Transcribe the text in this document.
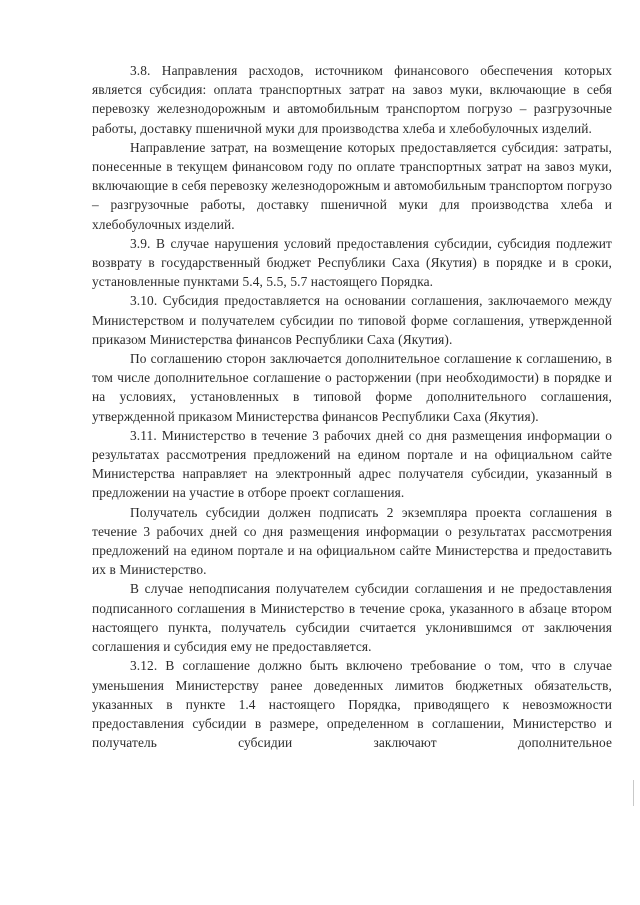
3.8. Направления расходов, источником финансового обеспечения которых является субсидия: оплата транспортных затрат на завоз муки, включающие в себя перевозку железнодорожным и автомобильным транспортом погрузо – разгрузочные работы, доставку пшеничной муки для производства хлеба и хлебобулочных изделий.

Направление затрат, на возмещение которых предоставляется субсидия: затраты, понесенные в текущем финансовом году по оплате транспортных затрат на завоз муки, включающие в себя перевозку железнодорожным и автомобильным транспортом погрузо – разгрузочные работы, доставку пшеничной муки для производства хлеба и хлебобулочных изделий.

3.9. В случае нарушения условий предоставления субсидии, субсидия подлежит возврату в государственный бюджет Республики Саха (Якутия) в порядке и в сроки, установленные пунктами 5.4, 5.5, 5.7 настоящего Порядка.

3.10. Субсидия предоставляется на основании соглашения, заключаемого между Министерством и получателем субсидии по типовой форме соглашения, утвержденной приказом Министерства финансов Республики Саха (Якутия).

По соглашению сторон заключается дополнительное соглашение к соглашению, в том числе дополнительное соглашение о расторжении (при необходимости) в порядке и на условиях, установленных в типовой форме дополнительного соглашения, утвержденной приказом Министерства финансов Республики Саха (Якутия).

3.11. Министерство в течение 3 рабочих дней со дня размещения информации о результатах рассмотрения предложений на едином портале и на официальном сайте Министерства направляет на электронный адрес получателя субсидии, указанный в предложении на участие в отборе проект соглашения.

Получатель субсидии должен подписать 2 экземпляра проекта соглашения в течение 3 рабочих дней со дня размещения информации о результатах рассмотрения предложений на едином портале и на официальном сайте Министерства и предоставить их в Министерство.

В случае неподписания получателем субсидии соглашения и не предоставления подписанного соглашения в Министерство в течение срока, указанного в абзаце втором настоящего пункта, получатель субсидии считается уклонившимся от заключения соглашения и субсидия ему не предоставляется.

3.12. В соглашение должно быть включено требование о том, что в случае уменьшения Министерству ранее доведенных лимитов бюджетных обязательств, указанных в пункте 1.4 настоящего Порядка, приводящего к невозможности предоставления субсидии в размере, определенном в соглашении, Министерство и получатель субсидии заключают дополнительное
